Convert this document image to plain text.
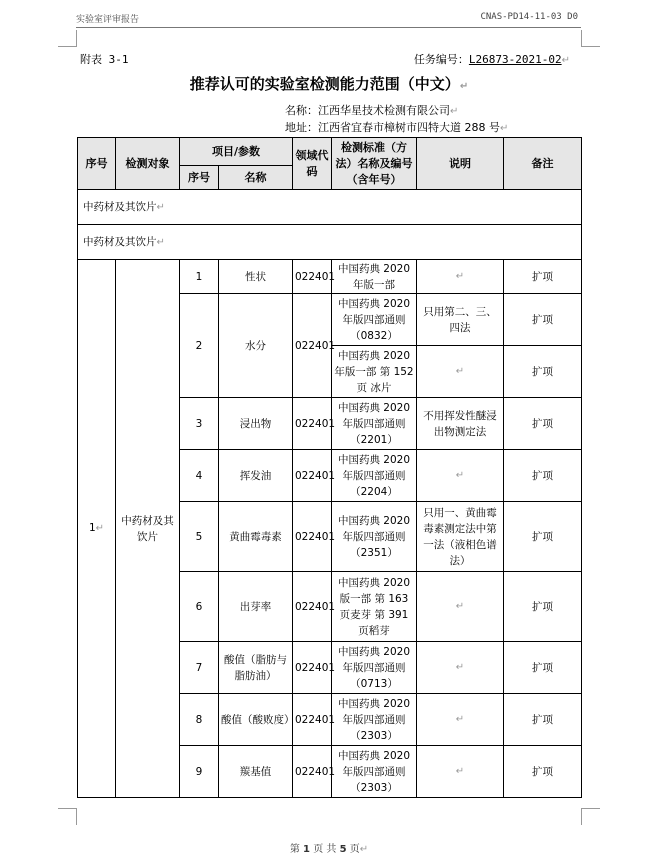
实验室评审报告	CNAS-PD14-11-03 D0
附表 3-1	任务编号：L26873-2021-02↵
推荐认可的实验室检测能力范围（中文）↵
名称：江西华星技术检测有限公司↵
地址：江西省宜春市樟树市四特大道 288 号↵
序号	检测对象	项目/参数		领域代码	检测标准（方法）名称及编号（含年号）	说明	备注
		序号	名称				
中药材及其饮片↵							
中药材及其饮片↵							
1↵	中药材及其饮片	1	性状	022401	中国药典 2020 年版一部	↵	扩项
		2	水分	022401	中国药典 2020 年版四部通则（0832）	只用第二、三、四法	扩项
					中国药典 2020 年版一部 第 152 页 冰片	↵	扩项
		3	浸出物	022401	中国药典 2020 年版四部通则（2201）	不用挥发性醚浸出物测定法	扩项
		4	挥发油	022401	中国药典 2020 年版四部通则（2204）	↵	扩项
		5	黄曲霉毒素	022401	中国药典 2020 年版四部通则（2351）	只用一、黄曲霉毒素测定法中第一法（液相色谱法）	扩项
		6	出芽率	022401	中国药典 2020 版一部 第 163 页麦芽 第 391 页稻芽	↵	扩项
		7	酸值（脂肪与脂肪油）	022401	中国药典 2020 年版四部通则（0713）	↵	扩项
		8	酸值（酸败度）	022401	中国药典 2020 年版四部通则（2303）	↵	扩项
		9	羰基值	022401	中国药典 2020 年版四部通则（2303）	↵	扩项
第 1 页 共 5 页↵
